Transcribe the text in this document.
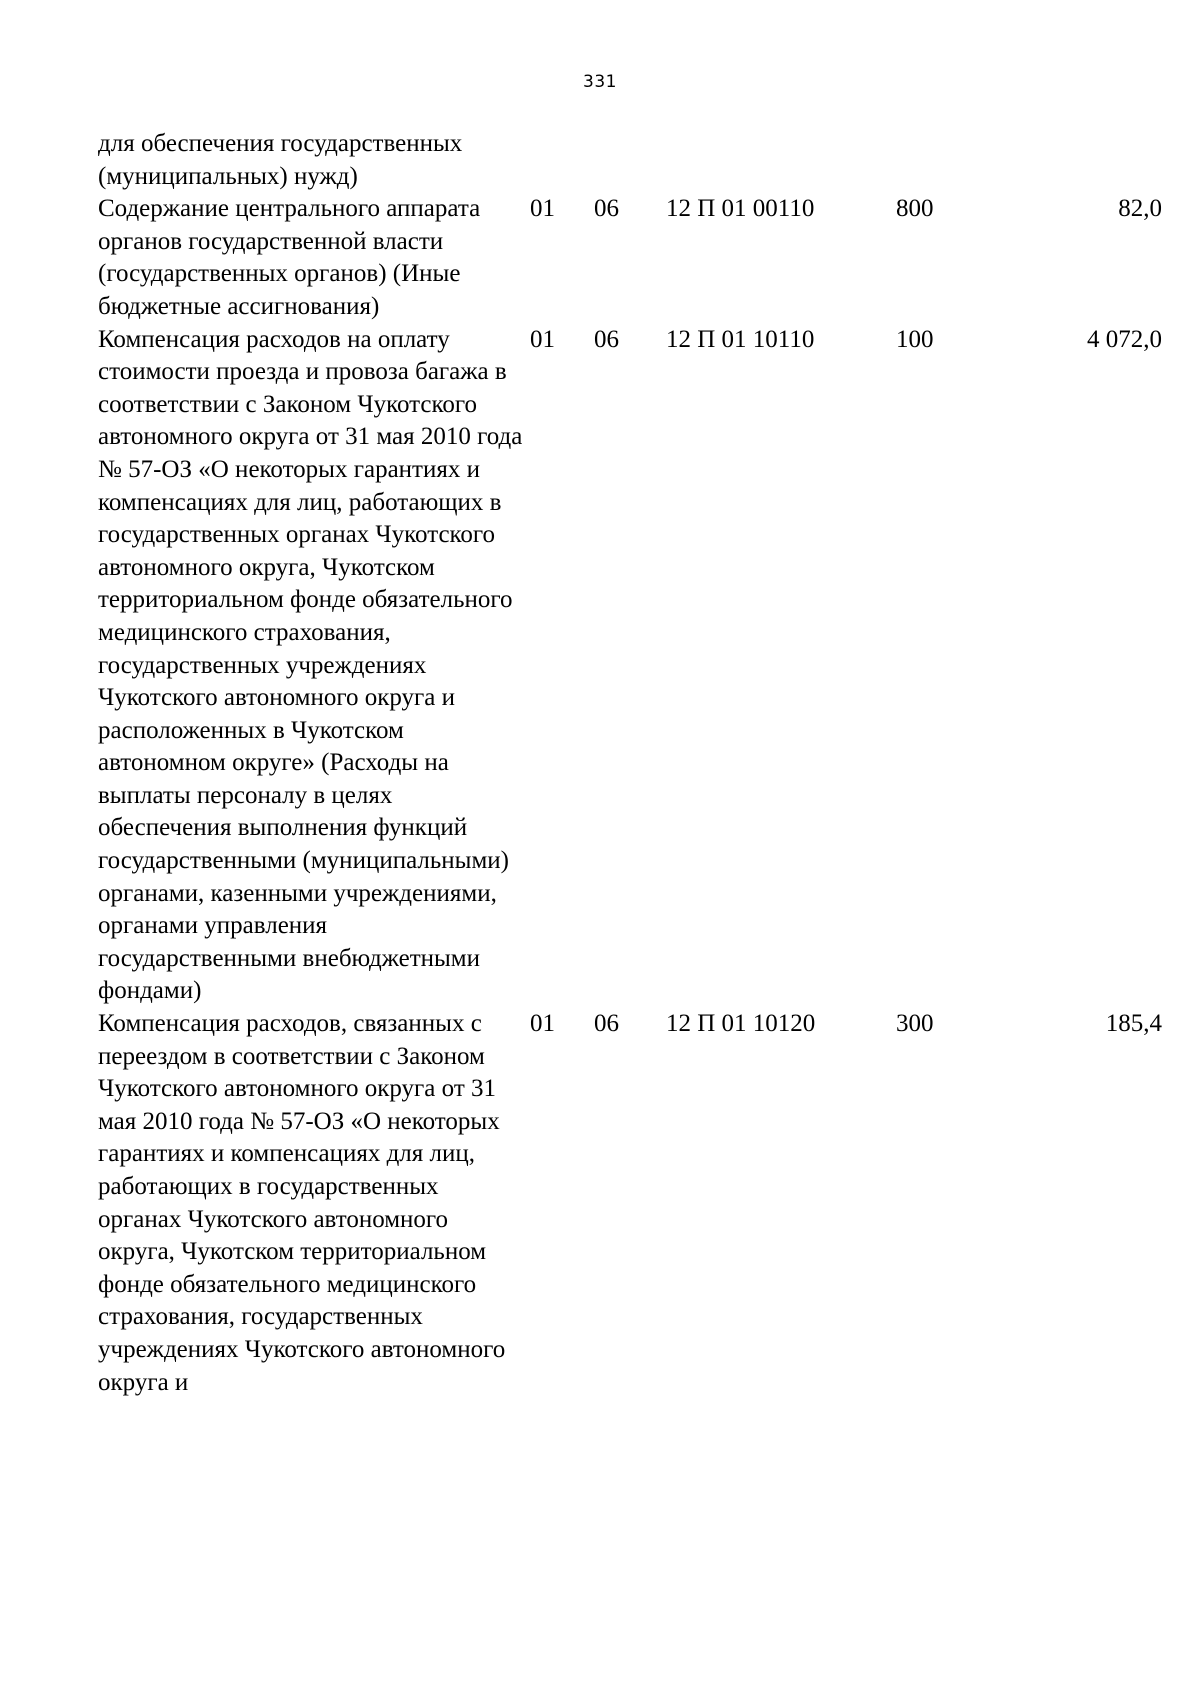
331
для обеспечения государственных (муниципальных) нужд)					
Содержание центрального аппарата органов государственной власти (государственных органов) (Иные бюджетные ассигнования)	01	06	12 П 01 00110	800	82,0
Компенсация расходов на оплату стоимости проезда и провоза багажа в соответствии с Законом Чукотского автономного округа от 31 мая 2010 года № 57-ОЗ «О некоторых гарантиях и компенсациях для лиц, работающих в государственных органах Чукотского автономного округа, Чукотском территориальном фонде обязательного медицинского страхования, государственных учреждениях Чукотского автономного округа и расположенных в Чукотском автономном округе» (Расходы на выплаты персоналу в целях обеспечения выполнения функций государственными (муниципальными) органами, казенными учреждениями, органами управления государственными внебюджетными фондами)	01	06	12 П 01 10110	100	4 072,0
Компенсация расходов, связанных с переездом в соответствии с Законом Чукотского автономного округа от 31 мая 2010 года № 57-ОЗ «О некоторых гарантиях и компенсациях для лиц, работающих в государственных органах Чукотского автономного округа, Чукотском территориальном фонде обязательного медицинского страхования, государственных учреждениях Чукотского автономного округа и	01	06	12 П 01 10120	300	185,4
